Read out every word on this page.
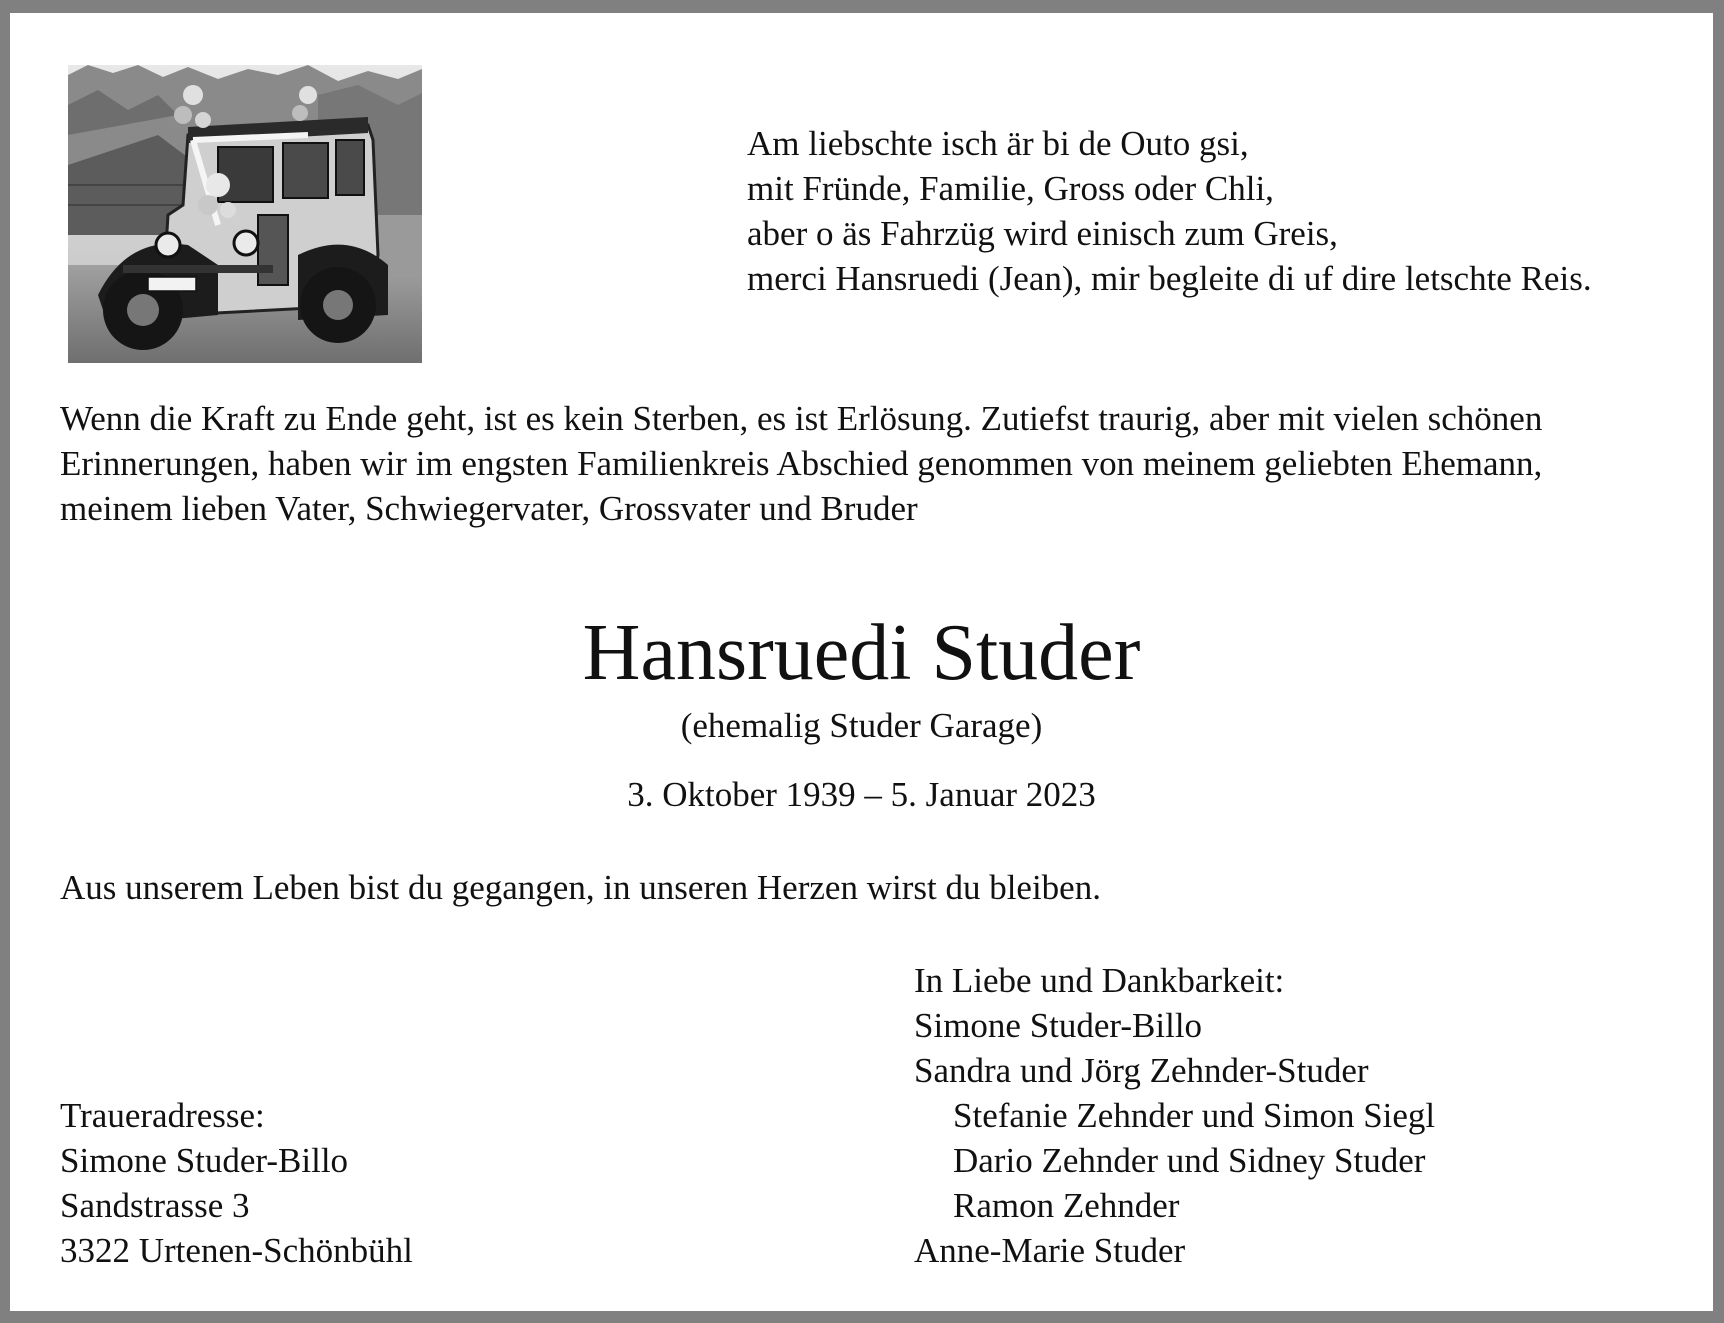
Am liebschte isch är bi de Outo gsi,
mit Fründe, Familie, Gross oder Chli,
aber o äs Fahrzüg wird einisch zum Greis,
merci Hansruedi (Jean), mir begleite di uf dire letschte Reis.
Wenn die Kraft zu Ende geht, ist es kein Sterben, es ist Erlösung. Zutiefst traurig, aber mit vielen schönen
Erinnerungen, haben wir im engsten Familienkreis Abschied genommen von meinem geliebten Ehemann,
meinem lieben Vater, Schwiegervater, Grossvater und Bruder
Hansruedi Studer
(ehemalig Studer Garage)
3. Oktober 1939 – 5. Januar 2023
Aus unserem Leben bist du gegangen, in unseren Herzen wirst du bleiben.
In Liebe und Dankbarkeit:
Simone Studer-Billo
Sandra und Jörg Zehnder-Studer
Stefanie Zehnder und Simon Siegl
Dario Zehnder und Sidney Studer
Ramon Zehnder
Anne-Marie Studer
Traueradresse:
Simone Studer-Billo
Sandstrasse 3
3322 Urtenen-Schönbühl
